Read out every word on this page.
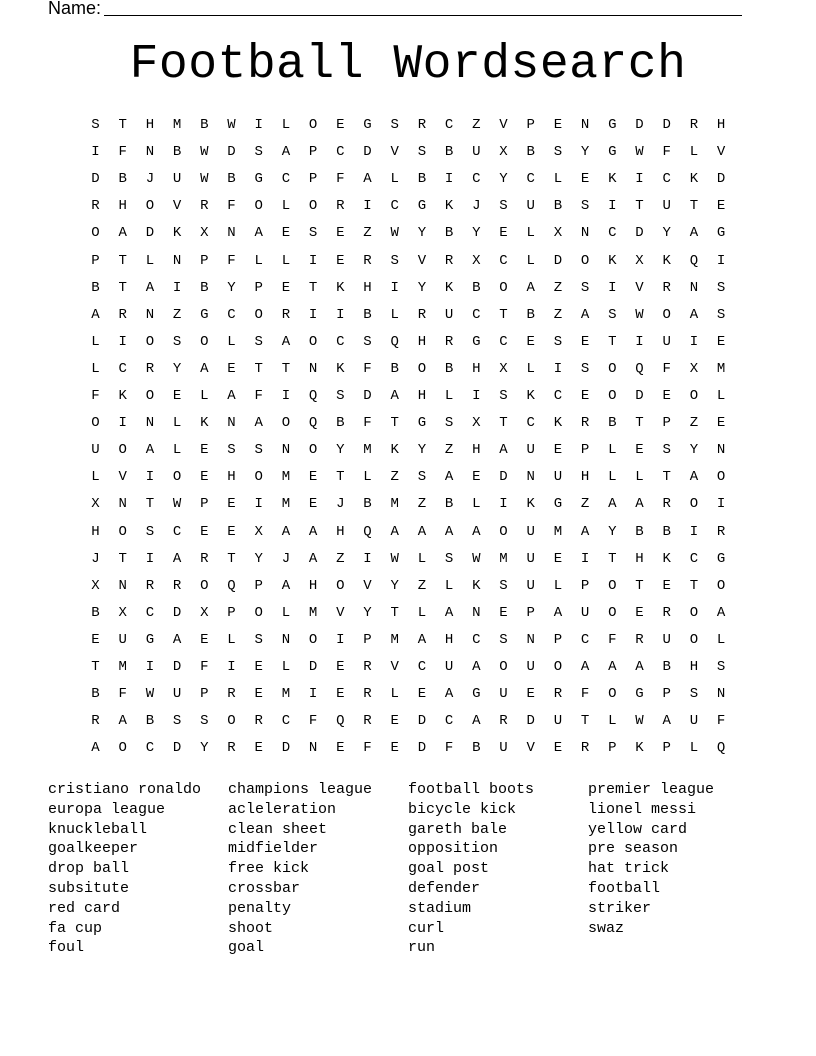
Name:
Football Wordsearch
S	T	H	M	B	W	I	L	O	E	G	S	R	C	Z	V	P	E	N	G	D	D	R	H
I	F	N	B	W	D	S	A	P	C	D	V	S	B	U	X	B	S	Y	G	W	F	L	V
D	B	J	U	W	B	G	C	P	F	A	L	B	I	C	Y	C	L	E	K	I	C	K	D
R	H	O	V	R	F	O	L	O	R	I	C	G	K	J	S	U	B	S	I	T	U	T	E
O	A	D	K	X	N	A	E	S	E	Z	W	Y	B	Y	E	L	X	N	C	D	Y	A	G
P	T	L	N	P	F	L	L	I	E	R	S	V	R	X	C	L	D	O	K	X	K	Q	I
B	T	A	I	B	Y	P	E	T	K	H	I	Y	K	B	O	A	Z	S	I	V	R	N	S
A	R	N	Z	G	C	O	R	I	I	B	L	R	U	C	T	B	Z	A	S	W	O	A	S
L	I	O	S	O	L	S	A	O	C	S	Q	H	R	G	C	E	S	E	T	I	U	I	E
L	C	R	Y	A	E	T	T	N	K	F	B	O	B	H	X	L	I	S	O	Q	F	X	M
F	K	O	E	L	A	F	I	Q	S	D	A	H	L	I	S	K	C	E	O	D	E	O	L
O	I	N	L	K	N	A	O	Q	B	F	T	G	S	X	T	C	K	R	B	T	P	Z	E
U	O	A	L	E	S	S	N	O	Y	M	K	Y	Z	H	A	U	E	P	L	E	S	Y	N
L	V	I	O	E	H	O	M	E	T	L	Z	S	A	E	D	N	U	H	L	L	T	A	O
X	N	T	W	P	E	I	M	E	J	B	M	Z	B	L	I	K	G	Z	A	A	R	O	I
H	O	S	C	E	E	X	A	A	H	Q	A	A	A	A	O	U	M	A	Y	B	B	I	R
J	T	I	A	R	T	Y	J	A	Z	I	W	L	S	W	M	U	E	I	T	H	K	C	G
X	N	R	R	O	Q	P	A	H	O	V	Y	Z	L	K	S	U	L	P	O	T	E	T	O
B	X	C	D	X	P	O	L	M	V	Y	T	L	A	N	E	P	A	U	O	E	R	O	A
E	U	G	A	E	L	S	N	O	I	P	M	A	H	C	S	N	P	C	F	R	U	O	L
T	M	I	D	F	I	E	L	D	E	R	V	C	U	A	O	U	O	A	A	A	B	H	S
B	F	W	U	P	R	E	M	I	E	R	L	E	A	G	U	E	R	F	O	G	P	S	N
R	A	B	S	S	O	R	C	F	Q	R	E	D	C	A	R	D	U	T	L	W	A	U	F
A	O	C	D	Y	R	E	D	N	E	F	E	D	F	B	U	V	E	R	P	K	P	L	Q
cristiano ronaldo
europa league
knuckleball
goalkeeper
drop ball
subsitute
red card
fa cup
foul
champions league
acleleration
clean sheet
midfielder
free kick
crossbar
penalty
shoot
goal
football boots
bicycle kick
gareth bale
opposition
goal post
defender
stadium
curl
run
premier league
lionel messi
yellow card
pre season
hat trick
football
striker
swaz
